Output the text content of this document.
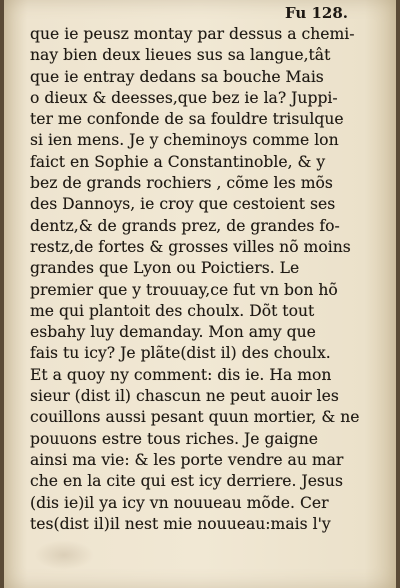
Fu 128.

que ie peusz montay par dessus a chemi-
nay bien deux lieues sus sa langue,tât
que ie entray dedans sa bouche Mais
o dieux & deesses,que bez ie la? Juppi-
ter me confonde de sa fouldre trisulque
si ien mens. Je y cheminoys comme lon
faict en Sophie a Constantinoble, & y
bez de grands rochiers , cõme les mõs
des Dannoys, ie croy que cestoient ses
dentz,& de grands prez, de grandes fo-
restz,de fortes & grosses villes nõ moins
grandes que Lyon ou Poictiers. Le
premier que y trouuay,ce fut vn bon hõ
me qui plantoit des choulx. Dõt tout
esbahy luy demanday. Mon amy que
fais tu icy? Je plãte(dist il) des choulx.
Et a quoy ny comment: dis ie. Ha mon
sieur (dist il) chascun ne peut auoir les
couillons aussi pesant quun mortier, & ne
pouuons estre tous riches. Je gaigne
ainsi ma vie: & les porte vendre au mar
che en la cite qui est icy derriere. Jesus
(dis ie)il ya icy vn nouueau mõde. Cer
tes(dist il)il nest mie nouueau:mais l'y
